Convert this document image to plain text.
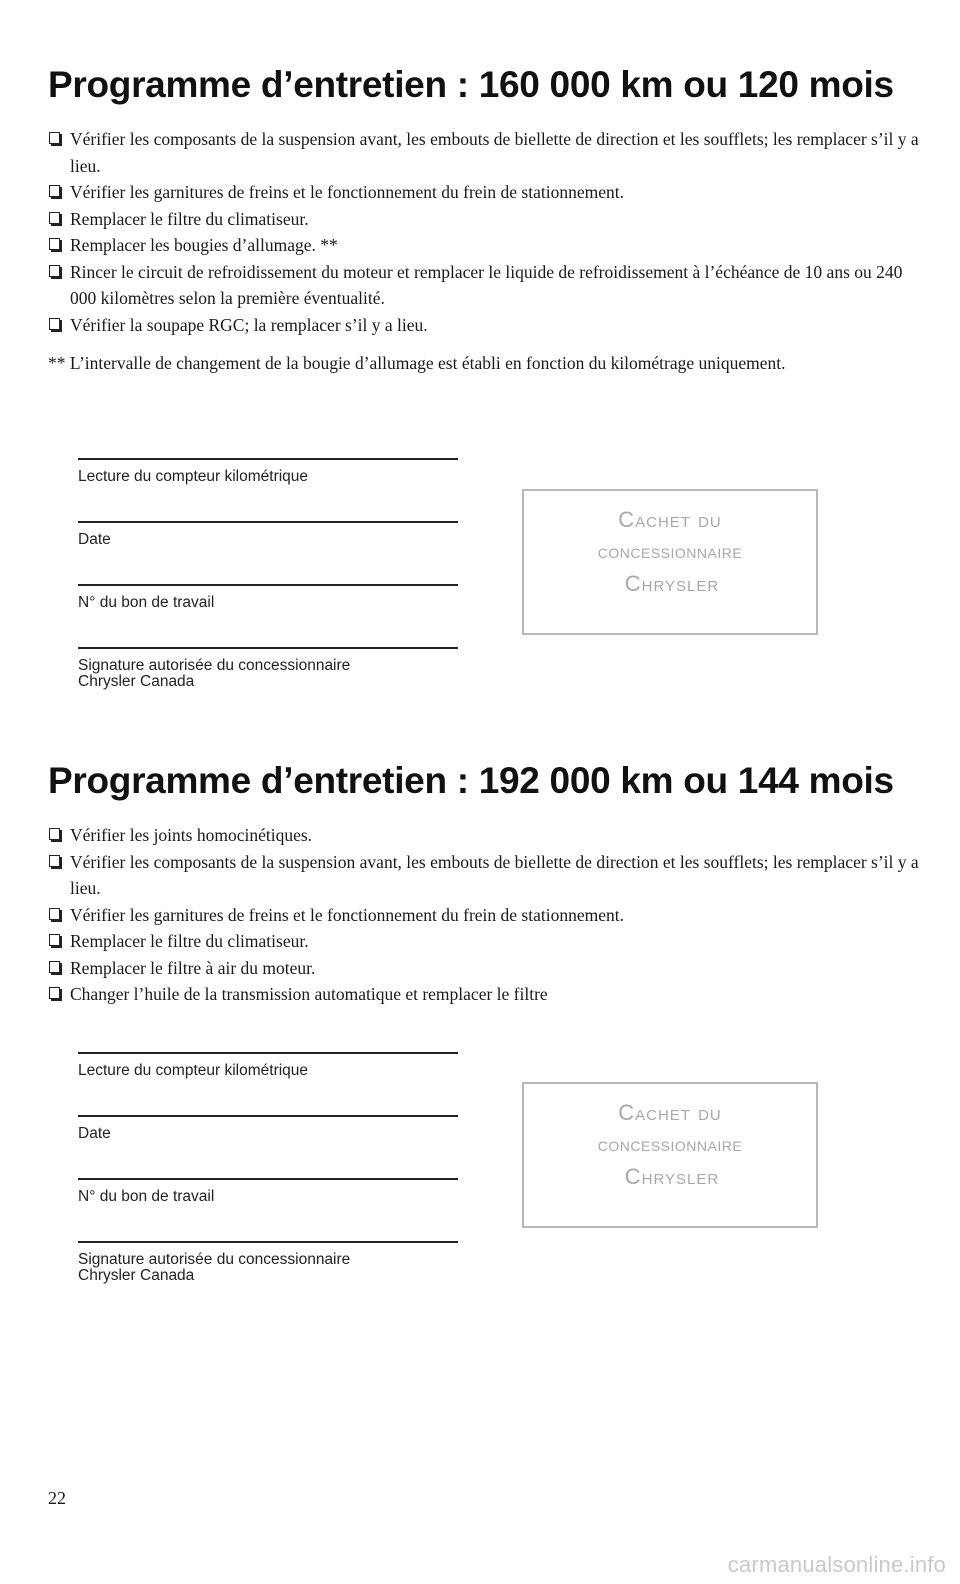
Programme d’entretien : 160 000 km ou 120 mois
Vérifier les composants de la suspension avant, les embouts de biellette de direction et les soufflets; les remplacer s’il y a lieu.
Vérifier les garnitures de freins et le fonctionnement du frein de stationnement.
Remplacer le filtre du climatiseur.
Remplacer les bougies d’allumage. **
Rincer le circuit de refroidissement du moteur et remplacer le liquide de refroidissement à l’échéance de 10 ans ou 240 000 kilomètres selon la première éventualité.
Vérifier la soupape RGC; la remplacer s’il y a lieu.

** L’intervalle de changement de la bougie d’allumage est établi en fonction du kilométrage uniquement.

Lecture du compteur kilométrique
Date
N° du bon de travail
Signature autorisée du concessionnaire
Chrysler Canada
Cachet du
concessionnaire
Chrysler
Programme d’entretien : 192 000 km ou 144 mois
Vérifier les joints homocinétiques.
Vérifier les composants de la suspension avant, les embouts de biellette de direction et les soufflets; les remplacer s’il y a lieu.
Vérifier les garnitures de freins et le fonctionnement du frein de stationnement.
Remplacer le filtre du climatiseur.
Remplacer le filtre à air du moteur.
Changer l’huile de la transmission automatique et remplacer le filtre
Lecture du compteur kilométrique
Date
N° du bon de travail
Signature autorisée du concessionnaire
Chrysler Canada
Cachet du
concessionnaire
Chrysler
22
carmanualsonline.info
